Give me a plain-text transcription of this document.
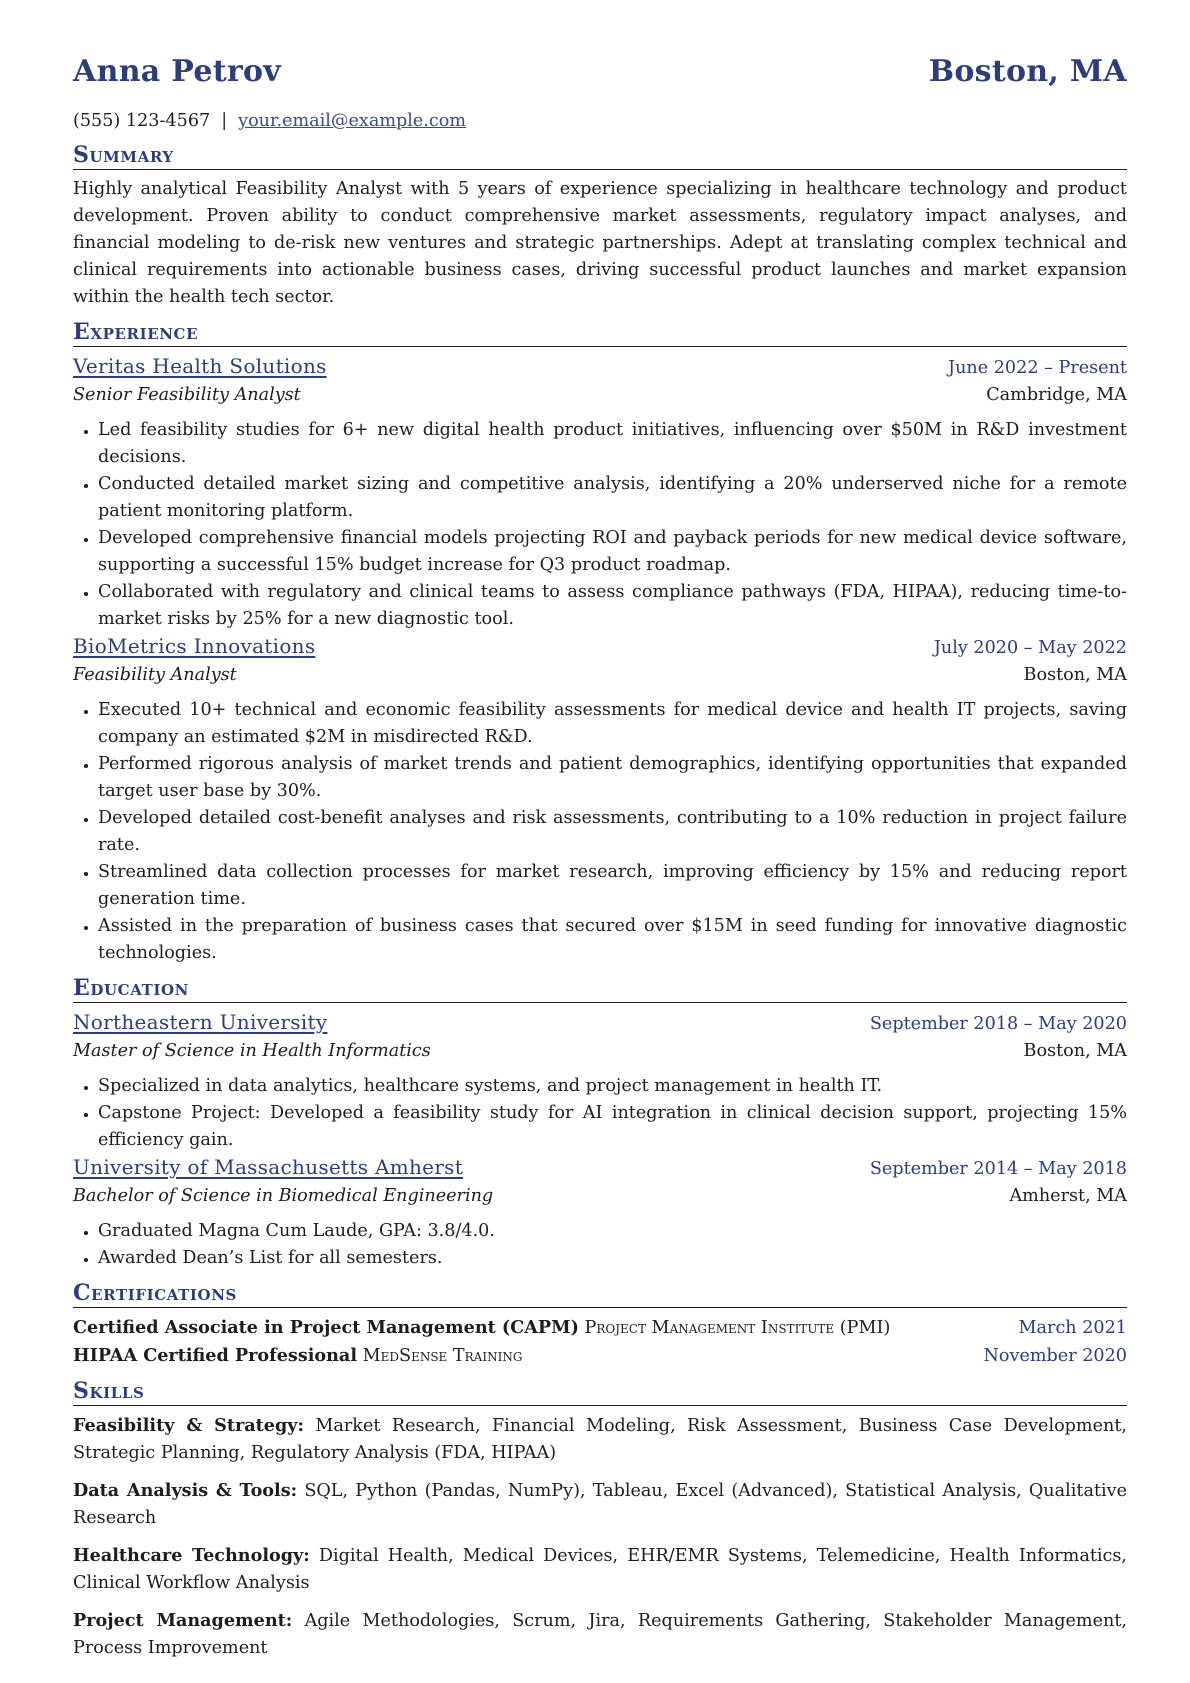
Anna Petrov	Boston, MA
(555) 123-4567 | your.email@example.com
Summary
Highly analytical Feasibility Analyst with 5 years of experience specializing in healthcare technology and product development. Proven ability to conduct comprehensive market assessments, regulatory impact analyses, and financial modeling to de-risk new ventures and strategic partnerships. Adept at translating complex technical and clinical requirements into actionable business cases, driving successful product launches and market expansion within the health tech sector.
Experience
Veritas Health Solutions	June 2022 – Present
Senior Feasibility Analyst	Cambridge, MA
• Led feasibility studies for 6+ new digital health product initiatives, influencing over $50M in R&D investment decisions.
• Conducted detailed market sizing and competitive analysis, identifying a 20% underserved niche for a remote patient monitoring platform.
• Developed comprehensive financial models projecting ROI and payback periods for new medical device software, supporting a successful 15% budget increase for Q3 product roadmap.
• Collaborated with regulatory and clinical teams to assess compliance pathways (FDA, HIPAA), reducing time-to-market risks by 25% for a new diagnostic tool.
BioMetrics Innovations	July 2020 – May 2022
Feasibility Analyst	Boston, MA
• Executed 10+ technical and economic feasibility assessments for medical device and health IT projects, saving company an estimated $2M in misdirected R&D.
• Performed rigorous analysis of market trends and patient demographics, identifying opportunities that expanded target user base by 30%.
• Developed detailed cost-benefit analyses and risk assessments, contributing to a 10% reduction in project failure rate.
• Streamlined data collection processes for market research, improving efficiency by 15% and reducing report generation time.
• Assisted in the preparation of business cases that secured over $15M in seed funding for innovative diagnostic technologies.
Education
Northeastern University	September 2018 – May 2020
Master of Science in Health Informatics	Boston, MA
• Specialized in data analytics, healthcare systems, and project management in health IT.
• Capstone Project: Developed a feasibility study for AI integration in clinical decision support, projecting 15% efficiency gain.
University of Massachusetts Amherst	September 2014 – May 2018
Bachelor of Science in Biomedical Engineering	Amherst, MA
• Graduated Magna Cum Laude, GPA: 3.8/4.0.
• Awarded Dean’s List for all semesters.
Certifications
Certified Associate in Project Management (CAPM) Project Management Institute (PMI)	March 2021
HIPAA Certified Professional MedSense Training	November 2020
Skills
Feasibility & Strategy: Market Research, Financial Modeling, Risk Assessment, Business Case Development, Strategic Planning, Regulatory Analysis (FDA, HIPAA)
Data Analysis & Tools: SQL, Python (Pandas, NumPy), Tableau, Excel (Advanced), Statistical Analysis, Qualitative Research
Healthcare Technology: Digital Health, Medical Devices, EHR/EMR Systems, Telemedicine, Health Informatics, Clinical Workflow Analysis
Project Management: Agile Methodologies, Scrum, Jira, Requirements Gathering, Stakeholder Management, Process Improvement
